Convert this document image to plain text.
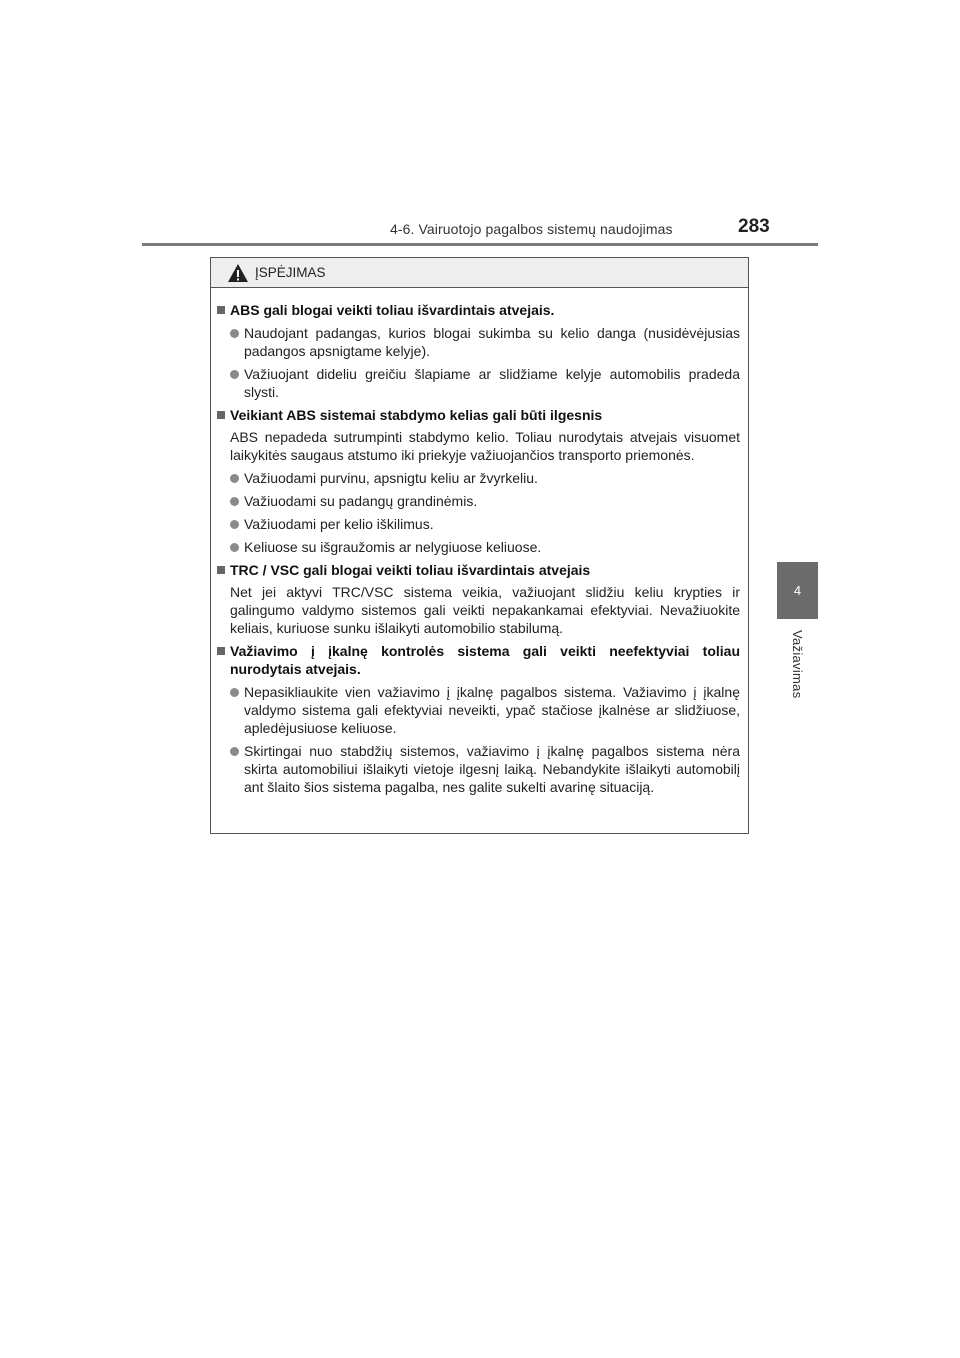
4-6. Vairuotojo pagalbos sistemų naudojimas	283
4
Važiavimas
ĮSPĖJIMAS
ABS gali blogai veikti toliau išvardintais atvejais.
Naudojant padangas, kurios blogai sukimba su kelio danga (nusidėvėjusias padangos apsnigtame kelyje).
Važiuojant dideliu greičiu šlapiame ar slidžiame kelyje automobilis pradeda slysti.
Veikiant ABS sistemai stabdymo kelias gali būti ilgesnis
ABS nepadeda sutrumpinti stabdymo kelio. Toliau nurodytais atvejais visuomet laikykitės saugaus atstumo iki priekyje važiuojančios transporto priemonės.
Važiuodami purvinu, apsnigtu keliu ar žvyrkeliu.
Važiuodami su padangų grandinėmis.
Važiuodami per kelio iškilimus.
Keliuose su išgraužomis ar nelygiuose keliuose.
TRC / VSC gali blogai veikti toliau išvardintais atvejais
Net jei aktyvi TRC/VSC sistema veikia, važiuojant slidžiu keliu krypties ir galingumo valdymo sistemos gali veikti nepakankamai efektyviai. Nevažiuokite keliais, kuriuose sunku išlaikyti automobilio stabilumą.
Važiavimo į įkalnę kontrolės sistema gali veikti neefektyviai toliau nurodytais atvejais.
Nepasikliaukite vien važiavimo į įkalnę pagalbos sistema. Važiavimo į įkalnę valdymo sistema gali efektyviai neveikti, ypač stačiose įkalnėse ar slidžiuose, apledėjusiuose keliuose.
Skirtingai nuo stabdžių sistemos, važiavimo į įkalnę pagalbos sistema nėra skirta automobiliui išlaikyti vietoje ilgesnį laiką. Nebandykite išlaikyti automobilį ant šlaito šios sistema pagalba, nes galite sukelti avarinę situaciją.
